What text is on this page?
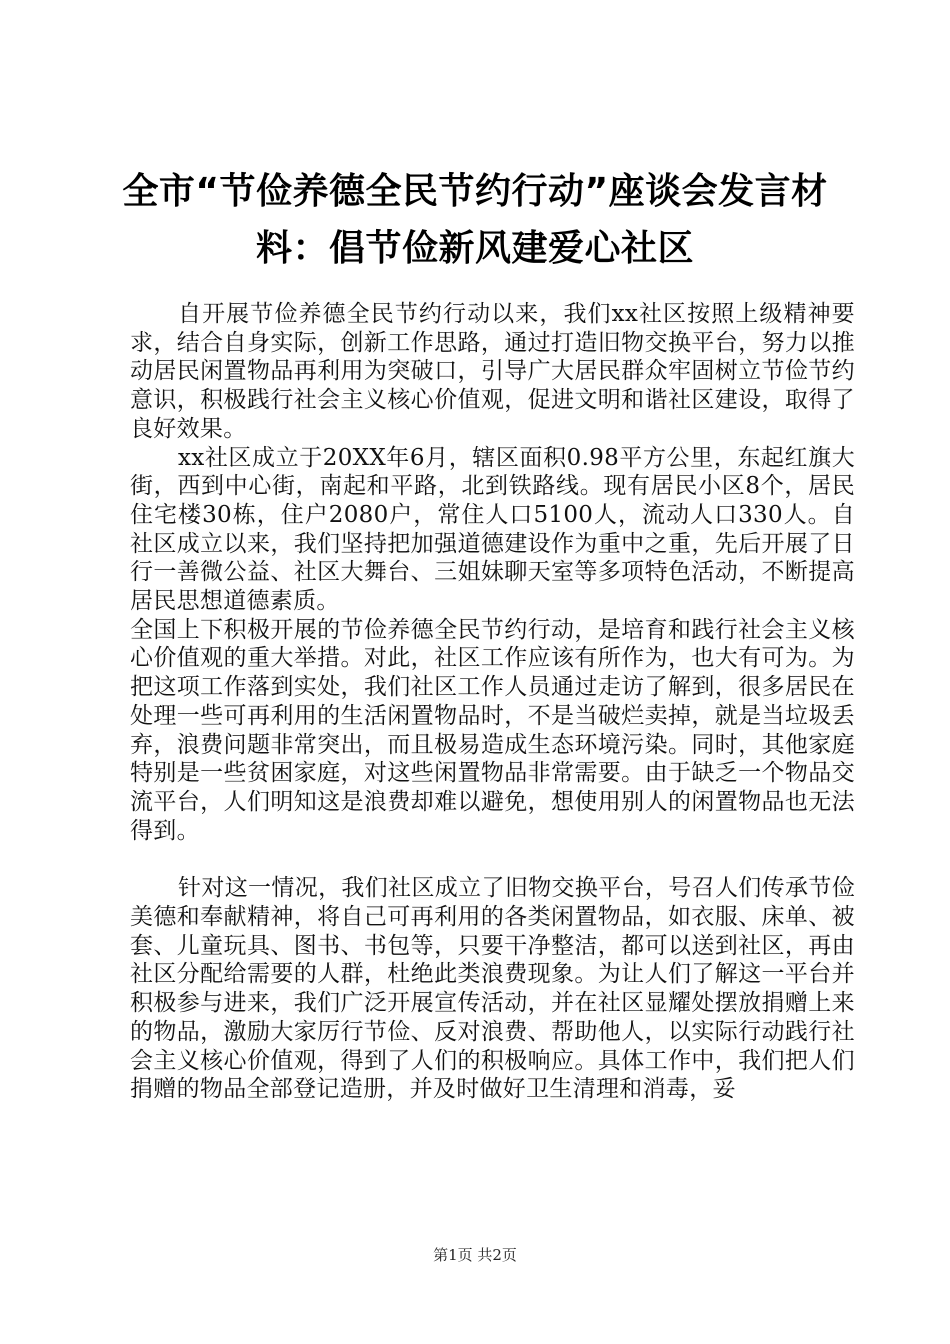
全市“节俭养德全民节约行动”座谈会发言材料：倡节俭新风建爱心社区

自开展节俭养德全民节约行动以来，我们xx社区按照上级精神要求，结合自身实际，创新工作思路，通过打造旧物交换平台，努力以推动居民闲置物品再利用为突破口，引导广大居民群众牢固树立节俭节约意识，积极践行社会主义核心价值观，促进文明和谐社区建设，取得了良好效果。

xx社区成立于20XX年6月，辖区面积0.98平方公里，东起红旗大街，西到中心街，南起和平路，北到铁路线。现有居民小区8个，居民住宅楼30栋，住户2080户，常住人口5100人，流动人口330人。自社区成立以来，我们坚持把加强道德建设作为重中之重，先后开展了日行一善微公益、社区大舞台、三姐妹聊天室等多项特色活动，不断提高居民思想道德素质。

全国上下积极开展的节俭养德全民节约行动，是培育和践行社会主义核心价值观的重大举措。对此，社区工作应该有所作为，也大有可为。为把这项工作落到实处，我们社区工作人员通过走访了解到，很多居民在处理一些可再利用的生活闲置物品时，不是当破烂卖掉，就是当垃圾丢弃，浪费问题非常突出，而且极易造成生态环境污染。同时，其他家庭特别是一些贫困家庭，对这些闲置物品非常需要。由于缺乏一个物品交流平台，人们明知这是浪费却难以避免，想使用别人的闲置物品也无法得到。

针对这一情况，我们社区成立了旧物交换平台，号召人们传承节俭美德和奉献精神，将自己可再利用的各类闲置物品，如衣服、床单、被套、儿童玩具、图书、书包等，只要干净整洁，都可以送到社区，再由社区分配给需要的人群，杜绝此类浪费现象。为让人们了解这一平台并积极参与进来，我们广泛开展宣传活动，并在社区显耀处摆放捐赠上来的物品，激励大家厉行节俭、反对浪费、帮助他人，以实际行动践行社会主义核心价值观，得到了人们的积极响应。具体工作中，我们把人们捐赠的物品全部登记造册，并及时做好卫生清理和消毒，妥

第1页 共2页
